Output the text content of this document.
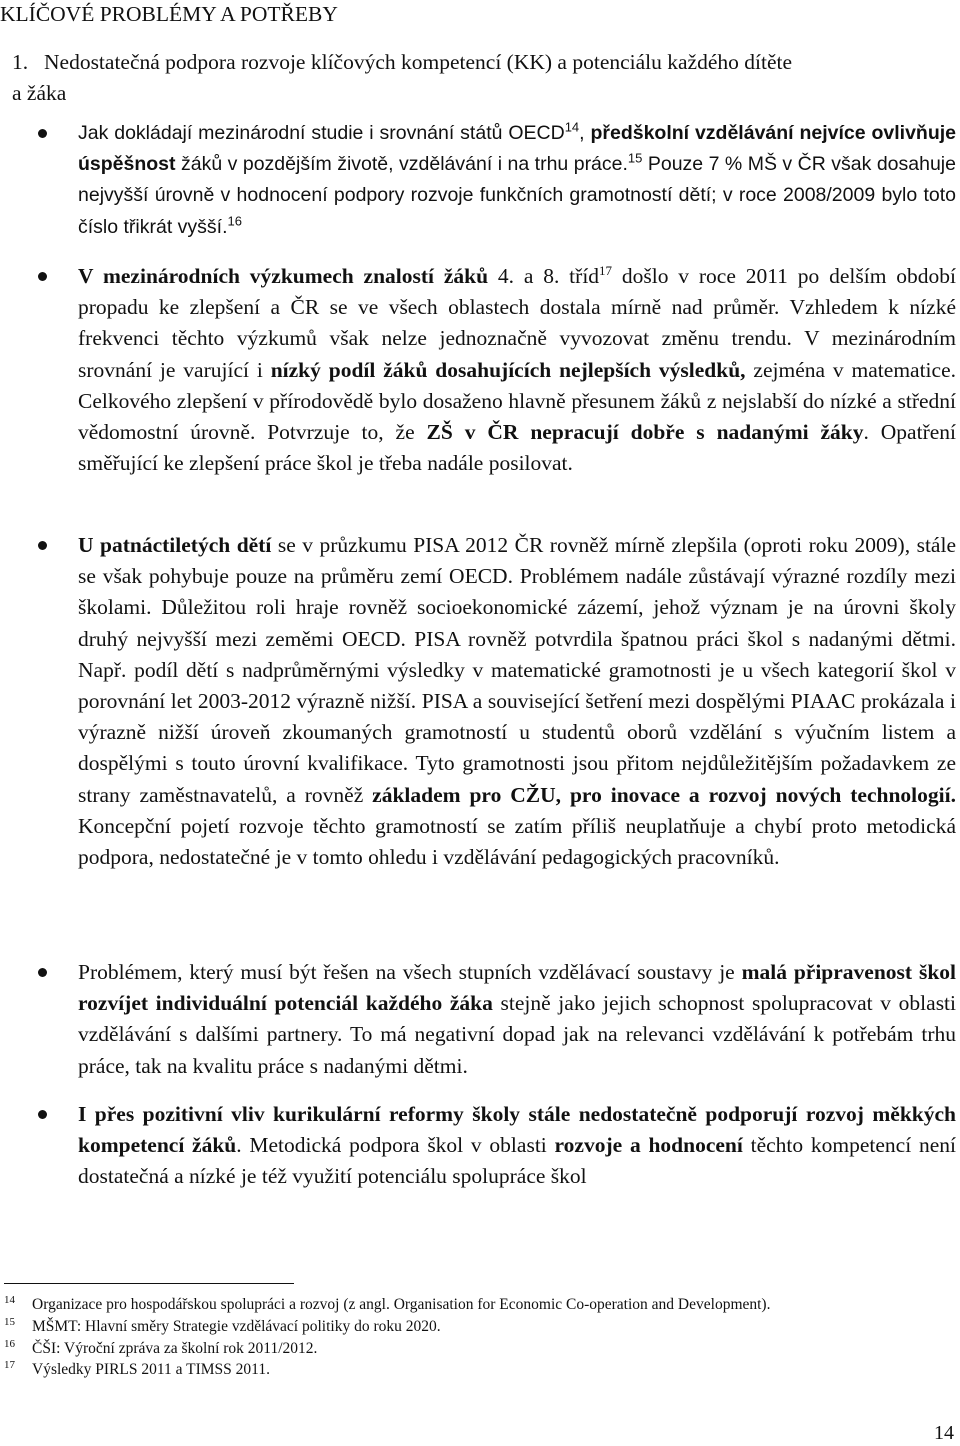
KLÍČOVÉ PROBLÉMY A POTŘEBY
1. Nedostatečná podpora rozvoje klíčových kompetencí (KK) a potenciálu každého dítěte
a žáka
Jak dokládají mezinárodní studie i srovnání států OECD$^{14}$, předškolní vzdělávání nejvíce ovlivňuje úspěšnost žáků v pozdějším životě, vzdělávání i na trhu práce.$^{15}$ Pouze 7 % MŠ v ČR však dosahuje nejvyšší úrovně v hodnocení podpory rozvoje funkčních gramotností dětí; v roce 2008/2009 bylo toto číslo třikrát vyšší.$^{16}$
V mezinárodních výzkumech znalostí žáků 4. a 8. tříd$^{17}$ došlo v roce 2011 po delším období propadu ke zlepšení a ČR se ve všech oblastech dostala mírně nad průměr. Vzhledem k nízké frekvenci těchto výzkumů však nelze jednoznačně vyvozovat změnu trendu. V mezinárodním srovnání je varující i nízký podíl žáků dosahujících nejlepších výsledků, zejména v matematice. Celkového zlepšení v přírodovědě bylo dosaženo hlavně přesunem žáků z nejslabší do nízké a střední vědomostní úrovně. Potvrzuje to, že ZŠ v ČR nepracují dobře s nadanými žáky. Opatření směřující ke zlepšení práce škol je třeba nadále posilovat.
U patnáctiletých dětí se v průzkumu PISA 2012 ČR rovněž mírně zlepšila (oproti roku 2009), stále se však pohybuje pouze na průměru zemí OECD. Problémem nadále zůstávají výrazné rozdíly mezi školami. Důležitou roli hraje rovněž socioekonomické zázemí, jehož význam je na úrovni školy druhý nejvyšší mezi zeměmi OECD. PISA rovněž potvrdila špatnou práci škol s nadanými dětmi. Např. podíl dětí s nadprůměrnými výsledky v matematické gramotnosti je u všech kategorií škol v porovnání let 2003-2012 výrazně nižší. PISA a související šetření mezi dospělými PIAAC prokázala i výrazně nižší úroveň zkoumaných gramotností u studentů oborů vzdělání s výučním listem a dospělými s touto úrovní kvalifikace. Tyto gramotnosti jsou přitom nejdůležitějším požadavkem ze strany zaměstnavatelů, a rovněž základem pro CŽU, pro inovace a rozvoj nových technologií. Koncepční pojetí rozvoje těchto gramotností se zatím příliš neuplatňuje a chybí proto metodická podpora, nedostatečné je v tomto ohledu i vzdělávání pedagogických pracovníků.
Problémem, který musí být řešen na všech stupních vzdělávací soustavy je malá připravenost škol rozvíjet individuální potenciál každého žáka stejně jako jejich schopnost spolupracovat v oblasti vzdělávání s dalšími partnery. To má negativní dopad jak na relevanci vzdělávání k potřebám trhu práce, tak na kvalitu práce s nadanými dětmi.
I přes pozitivní vliv kurikulární reformy školy stále nedostatečně podporují rozvoj měkkých kompetencí žáků. Metodická podpora škol v oblasti rozvoje a hodnocení těchto kompetencí není dostatečná a nízké je též využití potenciálu spolupráce škol
14 Organizace pro hospodářskou spolupráci a rozvoj (z angl. Organisation for Economic Co-operation and Development).
15 MŠMT: Hlavní směry Strategie vzdělávací politiky do roku 2020.
16 ČŠI: Výroční zpráva za školní rok 2011/2012.
17 Výsledky PIRLS 2011 a TIMSS 2011.
14
